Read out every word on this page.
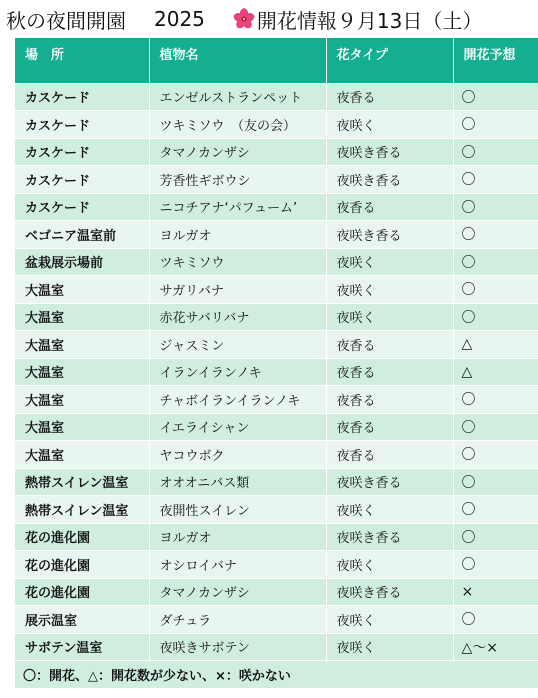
秋の夜間開園 2025	開花情報９月13日（土）
場　所	植物名	花タイプ	開花予想
カスケード	エンゼルストランペット	夜香る	〇
カスケード	ツキミソウ　（友の会）	夜咲く	〇
カスケード	タマノカンザシ	夜咲き香る	〇
カスケード	芳香性ギボウシ	夜咲き香る	〇
カスケード	ニコチアナ‘パフューム’	夜香る	〇
ベゴニア温室前	ヨルガオ	夜咲き香る	〇
盆栽展示場前	ツキミソウ	夜咲く	〇
大温室	サガリバナ	夜咲く	〇
大温室	赤花サバリバナ	夜咲く	〇
大温室	ジャスミン	夜香る	△
大温室	イランイランノキ	夜香る	△
大温室	チャボイランイランノキ	夜香る	〇
大温室	イエライシャン	夜香る	〇
大温室	ヤコウボク	夜香る	〇
熱帯スイレン温室	オオオニバス類	夜咲き香る	〇
熱帯スイレン温室	夜開性スイレン	夜咲く	〇
花の進化園	ヨルガオ	夜咲き香る	〇
花の進化園	オシロイバナ	夜咲く	〇
花の進化園	タマノカンザシ	夜咲き香る	×
展示温室	ダチュラ	夜咲く	〇
サボテン温室	夜咲きサボテン	夜咲く	△～×
〇：開花、△：開花数が少ない、×：咲かない			
